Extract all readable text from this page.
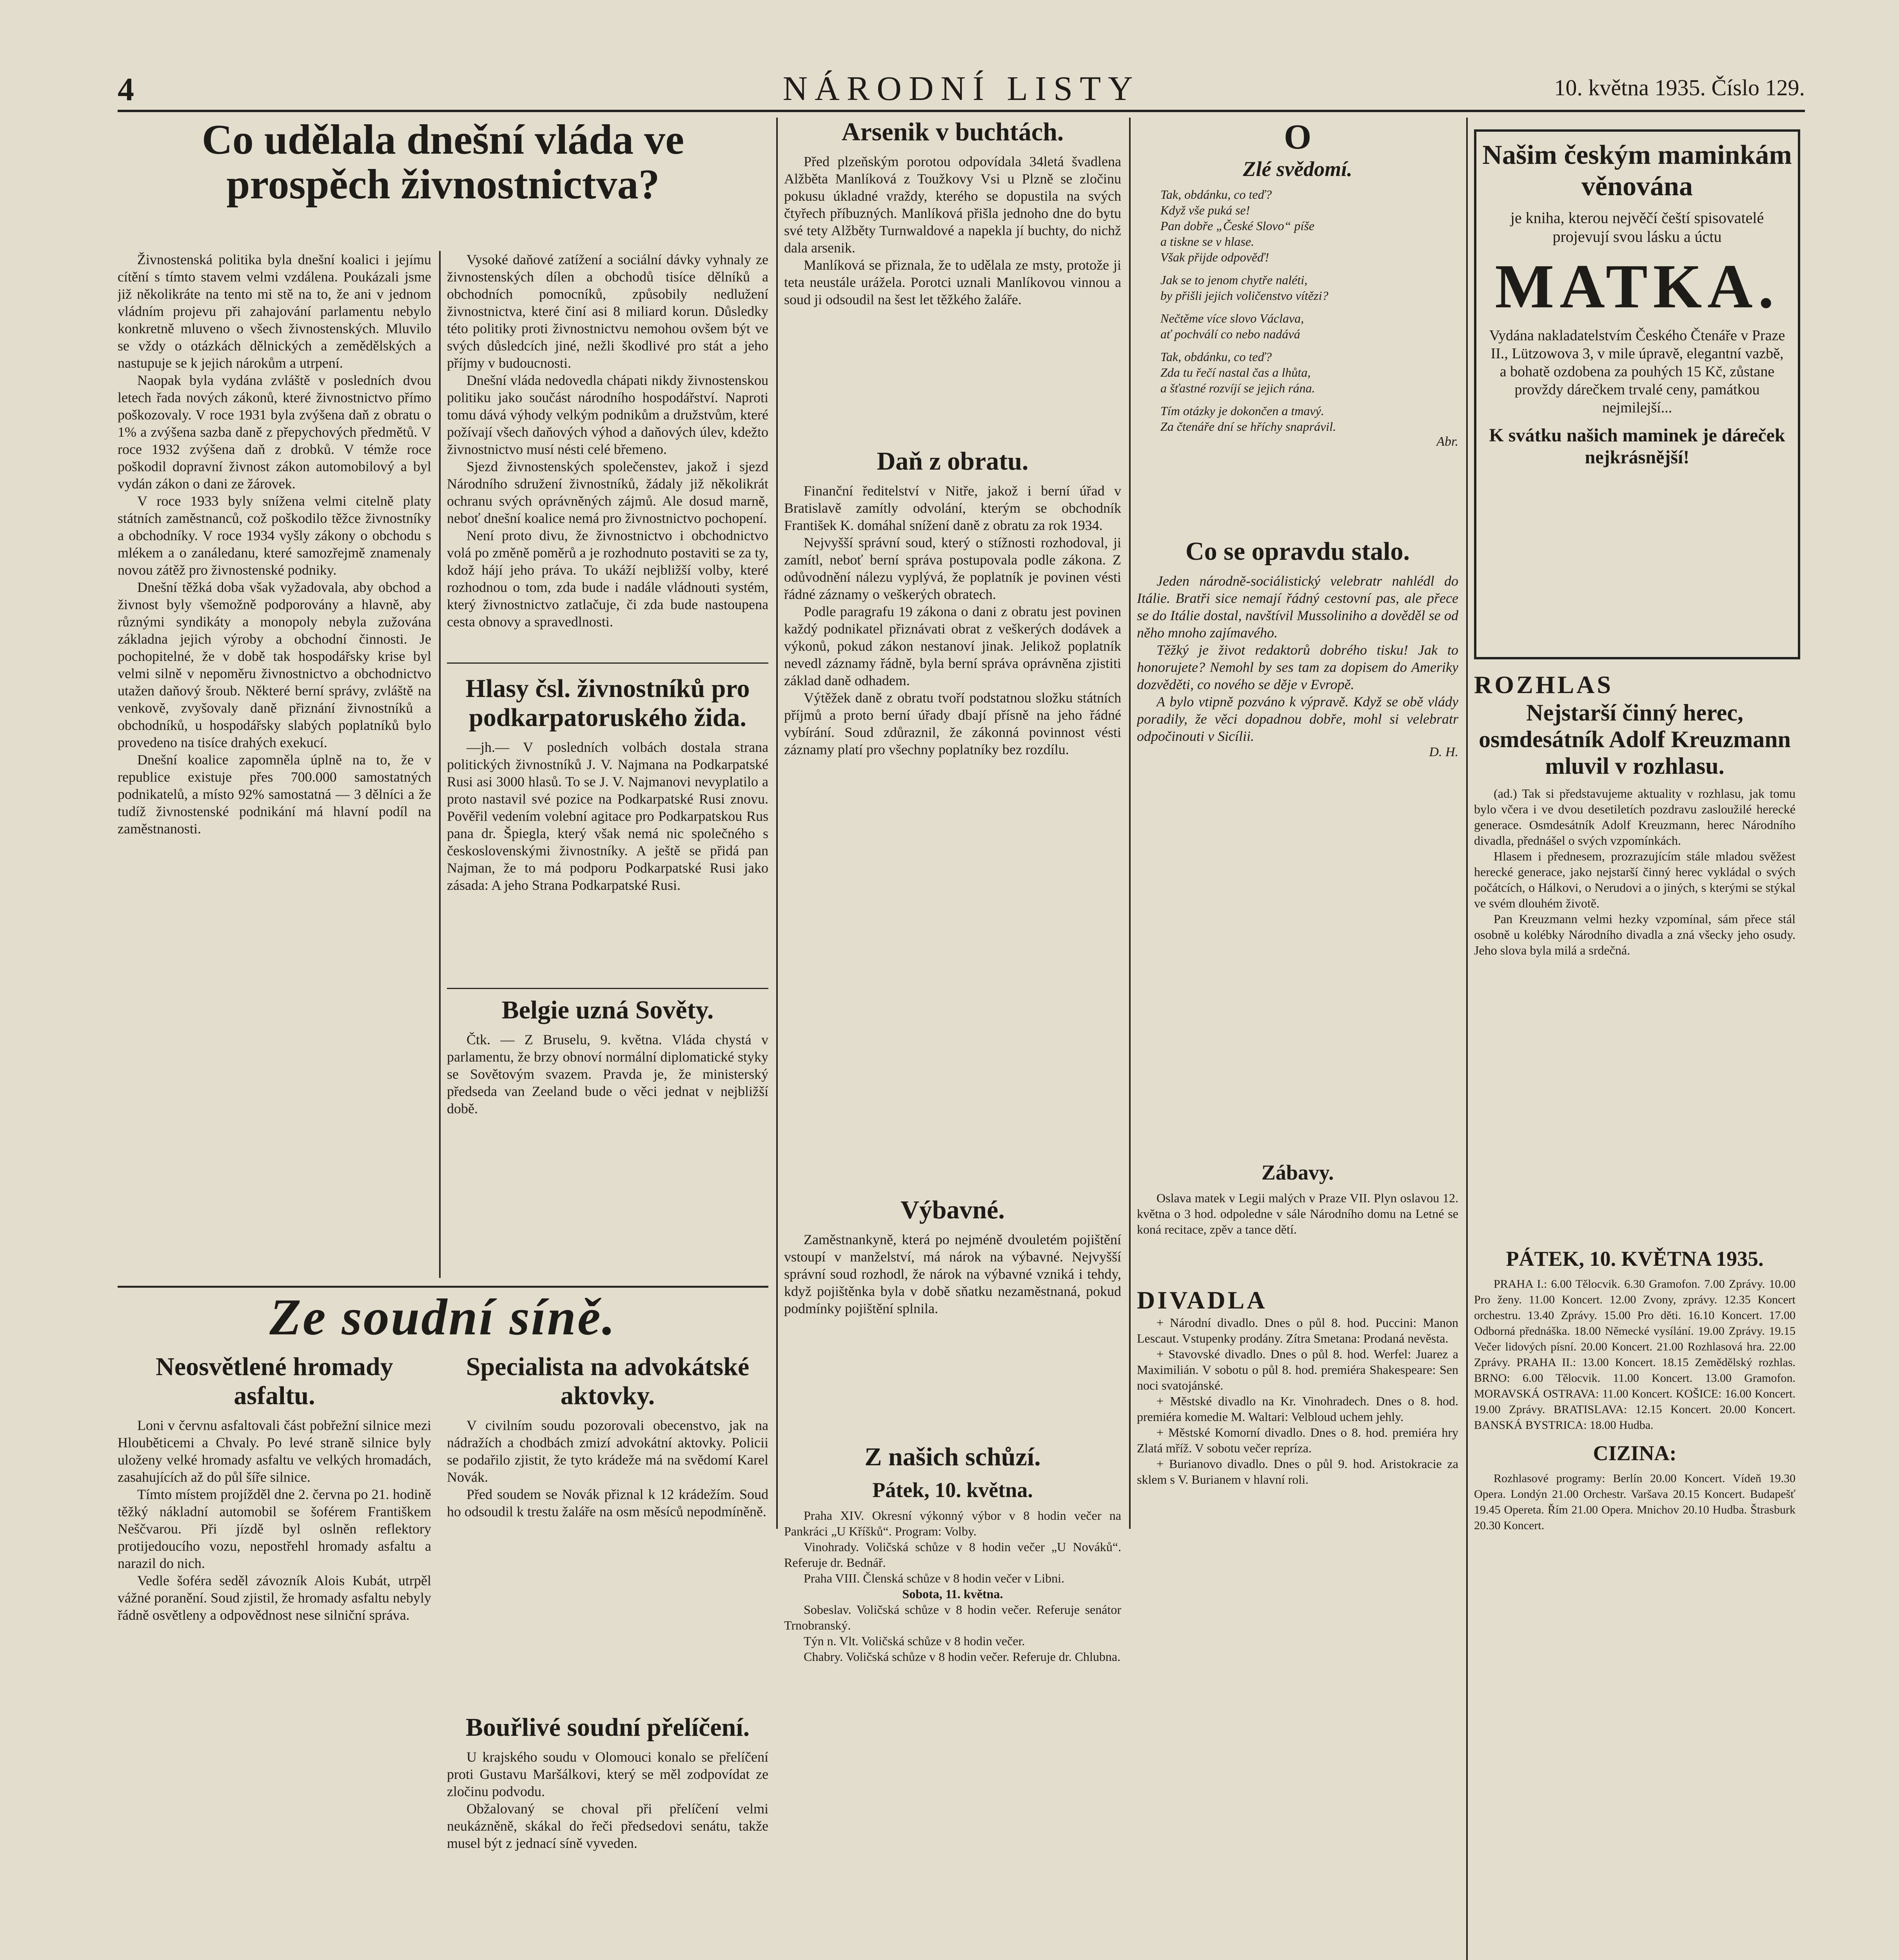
4	NÁRODNÍ LISTY	10. května 1935. Číslo 129.
Co udělala dnešní vláda ve prospěch živnostnictva?

Živnostenská politika byla dnešní koalici i jejímu cítění s tímto stavem velmi vzdálena. Poukázali jsme již několikráte na tento mi stě na to, že ani v jednom vládním projevu při zahajování parlamentu nebylo konkretně mluveno o všech živnostenských. Mluvilo se vždy o otázkách dělnických a zemědělských a nastupuje se k jejich nárokům a utrpení.

Naopak byla vydána zvláště v posledních dvou letech řada nových zákonů, které živnostnictvo přímo poškozovaly. V roce 1931 byla zvýšena daň z obratu o 1% a zvýšena sazba daně z přepychových předmětů. V roce 1932 zvýšena daň z drobků. V témže roce poškodil dopravní živnost zákon automobilový a byl vydán zákon o dani ze žárovek.

V roce 1933 byly snížena velmi citelně platy státních zaměstnanců, což poškodilo těžce živnostníky a obchodníky. V roce 1934 vyšly zákony o obchodu s mlékem a o zanáledanu, které samozřejmě znamenaly novou zátěž pro živnostenské podniky.

Dnešní těžká doba však vyžadovala, aby obchod a živnost byly všemožně podporovány a hlavně, aby různými syndikáty a monopoly nebyla zužována základna jejich výroby a obchodní činnosti. Je pochopitelné, že v době tak hospodářsky krise byl velmi silně v nepoměru živnostnictvo a obchodnictvo utažen daňový šroub. Některé berní správy, zvláště na venkově, zvyšovaly daně přiznání živnostníků a obchodníků, u hospodářsky slabých poplatníků bylo provedeno na tisíce drahých exekucí.

Dnešní koalice zapomněla úplně na to, že v republice existuje přes 700.000 samostatných podnikatelů, a místo 92% samostatná — 3 dělníci a že tudíž živnostenské podnikání má hlavní podíl na zaměstnanosti.

Vysoké daňové zatížení a sociální dávky vyhnaly ze živnostenských dílen a obchodů tisíce dělníků a obchodních pomocníků, způsobily nedlužení živnostnictva, které činí asi 8 miliard korun. Důsledky této politiky proti živnostnictvu nemohou ovšem být ve svých důsledcích jiné, nežli škodlivé pro stát a jeho příjmy v budoucnosti.

Dnešní vláda nedovedla chápati nikdy živnostenskou politiku jako součást národního hospodářství. Naproti tomu dává výhody velkým podnikům a družstvům, které požívají všech daňových výhod a daňových úlev, kdežto živnostnictvo musí nésti celé břemeno.

Sjezd živnostenských společenstev, jakož i sjezd Národního sdružení živnostníků, žádaly již několikrát ochranu svých oprávněných zájmů. Ale dosud marně, neboť dnešní koalice nemá pro živnostnictvo pochopení.

Není proto divu, že živnostnictvo i obchodnictvo volá po změně poměrů a je rozhodnuto postaviti se za ty, kdož hájí jeho práva. To ukáží nejbližší volby, které rozhodnou o tom, zda bude i nadále vládnouti systém, který živnostnictvo zatlačuje, či zda bude nastoupena cesta obnovy a spravedlnosti.

Hlasy čsl. živnostníků pro podkarpatoruského žida.

—jh.— V posledních volbách dostala strana politických živnostníků J. V. Najmana na Podkarpatské Rusi asi 3000 hlasů. To se J. V. Najmanovi nevyplatilo a proto nastavil své pozice na Podkarpatské Rusi znovu. Pověřil vedením volební agitace pro Podkarpatskou Rus pana dr. Špiegla, který však nemá nic společného s československými živnostníky. A ještě se přidá pan Najman, že to má podporu Podkarpatské Rusi jako zásada: A jeho Strana Podkarpatské Rusi.

Belgie uzná Sověty.

Čtk. — Z Bruselu, 9. května. Vláda chystá v parlamentu, že brzy obnoví normální diplomatické styky se Sovětovým svazem. Pravda je, že ministerský předseda van Zeeland bude o věci jednat v nejbližší době.

Arsenik v buchtách.

Před plzeňským porotou odpovídala 34letá švadlena Alžběta Manlíková z Toužkovy Vsi u Plzně se zločinu pokusu úkladné vraždy, kterého se dopustila na svých čtyřech příbuzných. Manlíková přišla jednoho dne do bytu své tety Alžběty Turnwaldové a napekla jí buchty, do nichž dala arsenik.

Manlíková se přiznala, že to udělala ze msty, protože ji teta neustále urážela. Porotci uznali Manlíkovou vinnou a soud ji odsoudil na šest let těžkého žaláře.

Daň z obratu.

Finanční ředitelství v Nitře, jakož i berní úřad v Bratislavě zamítly odvolání, kterým se obchodník František K. domáhal snížení daně z obratu za rok 1934.

Nejvyšší správní soud, který o stížnosti rozhodoval, ji zamítl, neboť berní správa postupovala podle zákona. Z odůvodnění nálezu vyplývá, že poplatník je povinen vésti řádné záznamy o veškerých obratech.

Podle paragrafu 19 zákona o dani z obratu jest povinen každý podnikatel přiznávati obrat z veškerých dodávek a výkonů, pokud zákon nestanoví jinak. Jelikož poplatník nevedl záznamy řádně, byla berní správa oprávněna zjistiti základ daně odhadem.

Výtěžek daně z obratu tvoří podstatnou složku státních příjmů a proto berní úřady dbají přísně na jeho řádné vybírání. Soud zdůraznil, že zákonná povinnost vésti záznamy platí pro všechny poplatníky bez rozdílu.

Výbavné.

Zaměstnankyně, která po nejméně dvouletém pojištění vstoupí v manželství, má nárok na výbavné. Nejvyšší správní soud rozhodl, že nárok na výbavné vzniká i tehdy, když pojištěnka byla v době sňatku nezaměstnaná, pokud podmínky pojištění splnila.

Z našich schůzí.
Pátek, 10. května.

Praha XIV. Okresní výkonný výbor v 8 hodin večer na Pankráci „U Kříšků“. Program: Volby.

Vinohrady. Voličská schůze v 8 hodin večer „U Nováků“. Referuje dr. Bednář.

Praha VIII. Členská schůze v 8 hodin večer v Libni.

Sobota, 11. května.

Sobeslav. Voličská schůze v 8 hodin večer. Referuje senátor Trnobranský.

Týn n. Vlt. Voličská schůze v 8 hodin večer.

Chabry. Voličská schůze v 8 hodin večer. Referuje dr. Chlubna.

O
Zlé svědomí.
Tak, obdánku, co teď?
Když vše puká se!
Pan dobře „České Slovo“ píše
a tiskne se v hlase.
Však přijde odpověď!
Jak se to jenom chytře naléti,
by přišli jejich voličenstvo vítězi?
Nečtěme více slovo Václava,
ať pochválí co nebo nadává
Tak, obdánku, co teď?
Zda tu řečí nastal čas a lhůta,
a šťastné rozvíjí se jejich rána.
Tím otázky je dokončen a tmavý.
Za čtenáře dní se hříchy snaprávil.
Abr.
Co se opravdu stalo.

Jeden národně-sociálistický velebratr nahlédl do Itálie. Bratři sice nemají řádný cestovní pas, ale přece se do Itálie dostal, navštívil Mussoliniho a dověděl se od něho mnoho zajímavého.

Těžký je život redaktorů dobrého tisku! Jak to honorujete? Nemohl by ses tam za dopisem do Ameriky dozvěděti, co nového se děje v Evropě.

A bylo vtipně pozváno k výpravě. Když se obě vlády poradily, že věci dopadnou dobře, mohl si velebratr odpočinouti v Sicílii.

D. H.
Zábavy.

Oslava matek v Legii malých v Praze VII. Plyn oslavou 12. května o 3 hod. odpoledne v sále Národního domu na Letné se koná recitace, zpěv a tance dětí.

DIVADLA

+ Národní divadlo. Dnes o půl 8. hod. Puccini: Manon Lescaut. Vstupenky prodány. Zítra Smetana: Prodaná nevěsta.

+ Stavovské divadlo. Dnes o půl 8. hod. Werfel: Juarez a Maximilián. V sobotu o půl 8. hod. premiéra Shakespeare: Sen noci svatojánské.

+ Městské divadlo na Kr. Vinohradech. Dnes o 8. hod. premiéra komedie M. Waltari: Velbloud uchem jehly.

+ Městské Komorní divadlo. Dnes o 8. hod. premiéra hry Zlatá mříž. V sobotu večer repríza.

+ Burianovo divadlo. Dnes o půl 9. hod. Aristokracie za sklem s V. Burianem v hlavní roli.

Našim českým maminkám věnována
je kniha, kterou nejvěčí čeští spisovatelé projevují svou lásku a úctu
MATKA.
Vydána nakladatelstvím Českého Čtenáře v Praze II., Lützowova 3, v mile úpravě, elegantní vazbě, a bohatě ozdobena za pouhých 15 Kč, zůstane provždy dárečkem trvalé ceny, památkou nejmilejší...
K svátku našich maminek je dáreček nejkrásnější!
ROZHLAS
Nejstarší činný herec, osmdesátník Adolf Kreuzmann mluvil v rozhlasu.

(ad.) Tak si představujeme aktuality v rozhlasu, jak tomu bylo včera i ve dvou desetiletích pozdravu zasloužilé herecké generace. Osmdesátník Adolf Kreuzmann, herec Národního divadla, přednášel o svých vzpomínkách.

Hlasem i přednesem, prozrazujícím stále mladou svěžest herecké generace, jako nejstarší činný herec vykládal o svých počátcích, o Hálkovi, o Nerudovi a o jiných, s kterými se stýkal ve svém dlouhém životě.

Pan Kreuzmann velmi hezky vzpomínal, sám přece stál osobně u kolébky Národního divadla a zná všecky jeho osudy. Jeho slova byla milá a srdečná.

PÁTEK, 10. KVĚTNA 1935.

PRAHA I.: 6.00 Tělocvik. 6.30 Gramofon. 7.00 Zprávy. 10.00 Pro ženy. 11.00 Koncert. 12.00 Zvony, zprávy. 12.35 Koncert orchestru. 13.40 Zprávy. 15.00 Pro děti. 16.10 Koncert. 17.00 Odborná přednáška. 18.00 Německé vysílání. 19.00 Zprávy. 19.15 Večer lidových písní. 20.00 Koncert. 21.00 Rozhlasová hra. 22.00 Zprávy. PRAHA II.: 13.00 Koncert. 18.15 Zemědělský rozhlas. BRNO: 6.00 Tělocvik. 11.00 Koncert. 13.00 Gramofon. MORAVSKÁ OSTRAVA: 11.00 Koncert. KOŠICE: 16.00 Koncert. 19.00 Zprávy. BRATISLAVA: 12.15 Koncert. 20.00 Koncert. BANSKÁ BYSTRICA: 18.00 Hudba.

CIZINA:

Rozhlasové programy: Berlín 20.00 Koncert. Vídeň 19.30 Opera. Londýn 21.00 Orchestr. Varšava 20.15 Koncert. Budapešť 19.45 Opereta. Řím 21.00 Opera. Mnichov 20.10 Hudba. Štrasburk 20.30 Koncert.

Ze soudní síně.
Neosvětlené hromady asfaltu.

Loni v červnu asfaltovali část pobřežní silnice mezi Hlouběticemi a Chvaly. Po levé straně silnice byly uloženy velké hromady asfaltu ve velkých hromadách, zasahujících až do půl šíře silnice.

Tímto místem projížděl dne 2. června po 21. hodině těžký nákladní automobil se šoférem Františkem Neščvarou. Při jízdě byl oslněn reflektory protijedoucího vozu, nepostřehl hromady asfaltu a narazil do nich.

Vedle šoféra seděl závozník Alois Kubát, utrpěl vážné poranění. Soud zjistil, že hromady asfaltu nebyly řádně osvětleny a odpovědnost nese silniční správa.

Specialista na advokátské aktovky.

V civilním soudu pozorovali obecenstvo, jak na nádražích a chodbách zmizí advokátní aktovky. Policii se podařilo zjistit, že tyto krádeže má na svědomí Karel Novák.

Před soudem se Novák přiznal k 12 krádežím. Soud ho odsoudil k trestu žaláře na osm měsíců nepodmíněně.

Bouřlivé soudní přelíčení.

U krajského soudu v Olomouci konalo se přelíčení proti Gustavu Maršálkovi, který se měl zodpovídat ze zločinu podvodu.

Obžalovaný se choval při přelíčení velmi neukázněně, skákal do řeči předsedovi senátu, takže musel být z jednací síně vyveden.
